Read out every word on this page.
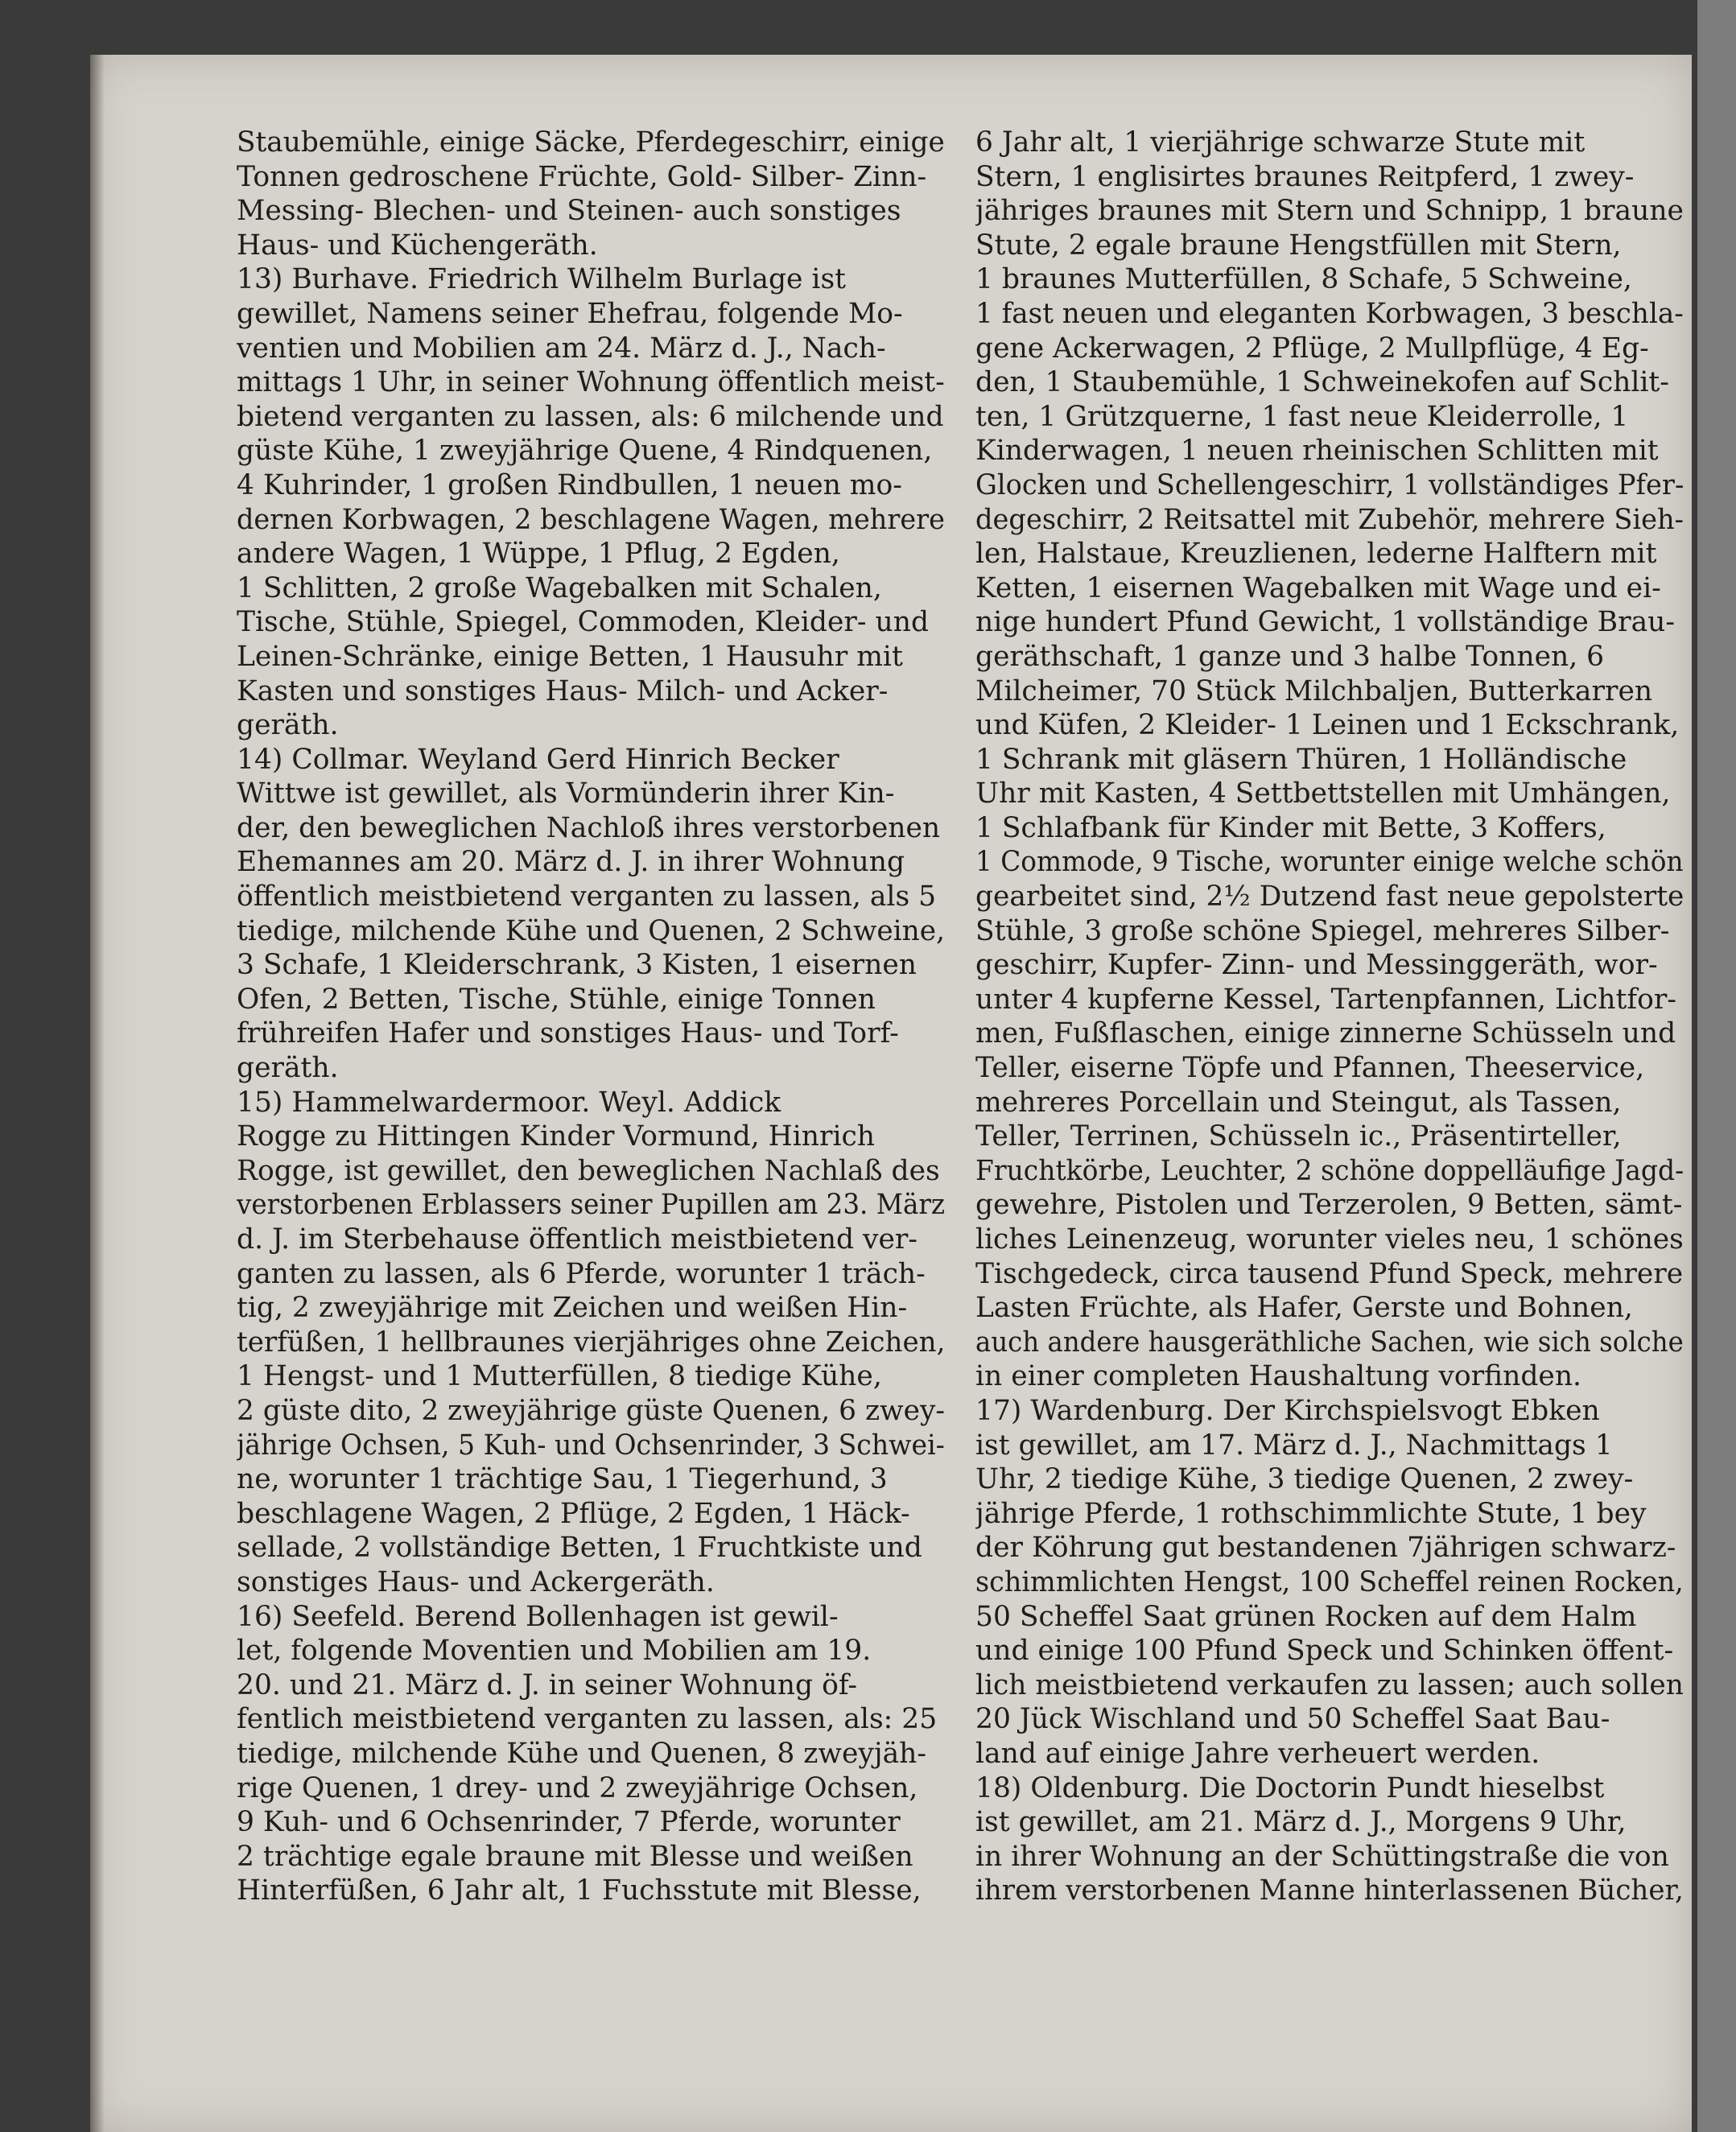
Staubemühle, einige Säcke, Pferdegeschirr, einige
Tonnen gedroschene Früchte, Gold- Silber- Zinn-
Messing- Blechen- und Steinen- auch sonstiges
Haus- und Küchengeräth.
13) Burhave. Friedrich Wilhelm Burlage ist
gewillet, Namens seiner Ehefrau, folgende Mo-
ventien und Mobilien am 24. März d. J., Nach-
mittags 1 Uhr, in seiner Wohnung öffentlich meist-
bietend verganten zu lassen, als: 6 milchende und
güste Kühe, 1 zweyjährige Quene, 4 Rindquenen,
4 Kuhrinder, 1 großen Rindbullen, 1 neuen mo-
dernen Korbwagen, 2 beschlagene Wagen, mehrere
andere Wagen, 1 Wüppe, 1 Pflug, 2 Egden,
1 Schlitten, 2 große Wagebalken mit Schalen,
Tische, Stühle, Spiegel, Commoden, Kleider- und
Leinen-Schränke, einige Betten, 1 Hausuhr mit
Kasten und sonstiges Haus- Milch- und Acker-
geräth.
14) Collmar. Weyland Gerd Hinrich Becker
Wittwe ist gewillet, als Vormünderin ihrer Kin-
der, den beweglichen Nachloß ihres verstorbenen
Ehemannes am 20. März d. J. in ihrer Wohnung
öffentlich meistbietend verganten zu lassen, als 5
tiedige, milchende Kühe und Quenen, 2 Schweine,
3 Schafe, 1 Kleiderschrank, 3 Kisten, 1 eisernen
Ofen, 2 Betten, Tische, Stühle, einige Tonnen
frühreifen Hafer und sonstiges Haus- und Torf-
geräth.
15) Hammelwardermoor. Weyl. Addick
Rogge zu Hittingen Kinder Vormund, Hinrich
Rogge, ist gewillet, den beweglichen Nachlaß des
verstorbenen Erblassers seiner Pupillen am 23. März
d. J. im Sterbehause öffentlich meistbietend ver-
ganten zu lassen, als 6 Pferde, worunter 1 träch-
tig, 2 zweyjährige mit Zeichen und weißen Hin-
terfüßen, 1 hellbraunes vierjähriges ohne Zeichen,
1 Hengst- und 1 Mutterfüllen, 8 tiedige Kühe,
2 güste dito, 2 zweyjährige güste Quenen, 6 zwey-
jährige Ochsen, 5 Kuh- und Ochsenrinder, 3 Schwei-
ne, worunter 1 trächtige Sau, 1 Tiegerhund, 3
beschlagene Wagen, 2 Pflüge, 2 Egden, 1 Häck-
sellade, 2 vollständige Betten, 1 Fruchtkiste und
sonstiges Haus- und Ackergeräth.
16) Seefeld. Berend Bollenhagen ist gewil-
let, folgende Moventien und Mobilien am 19.
20. und 21. März d. J. in seiner Wohnung öf-
fentlich meistbietend verganten zu lassen, als: 25
tiedige, milchende Kühe und Quenen, 8 zweyjäh-
rige Quenen, 1 drey- und 2 zweyjährige Ochsen,
9 Kuh- und 6 Ochsenrinder, 7 Pferde, worunter
2 trächtige egale braune mit Blesse und weißen
Hinterfüßen, 6 Jahr alt, 1 Fuchsstute mit Blesse,
6 Jahr alt, 1 vierjährige schwarze Stute mit
Stern, 1 englisirtes braunes Reitpferd, 1 zwey-
jähriges braunes mit Stern und Schnipp, 1 braune
Stute, 2 egale braune Hengstfüllen mit Stern,
1 braunes Mutterfüllen, 8 Schafe, 5 Schweine,
1 fast neuen und eleganten Korbwagen, 3 beschla-
gene Ackerwagen, 2 Pflüge, 2 Mullpflüge, 4 Eg-
den, 1 Staubemühle, 1 Schweinekofen auf Schlit-
ten, 1 Grützquerne, 1 fast neue Kleiderrolle, 1
Kinderwagen, 1 neuen rheinischen Schlitten mit
Glocken und Schellengeschirr, 1 vollständiges Pfer-
degeschirr, 2 Reitsattel mit Zubehör, mehrere Sieh-
len, Halstaue, Kreuzlienen, lederne Halftern mit
Ketten, 1 eisernen Wagebalken mit Wage und ei-
nige hundert Pfund Gewicht, 1 vollständige Brau-
geräthschaft, 1 ganze und 3 halbe Tonnen, 6
Milcheimer, 70 Stück Milchbaljen, Butterkarren
und Küfen, 2 Kleider- 1 Leinen und 1 Eckschrank,
1 Schrank mit gläsern Thüren, 1 Holländische
Uhr mit Kasten, 4 Settbettstellen mit Umhängen,
1 Schlafbank für Kinder mit Bette, 3 Koffers,
1 Commode, 9 Tische, worunter einige welche schön
gearbeitet sind, 2½ Dutzend fast neue gepolsterte
Stühle, 3 große schöne Spiegel, mehreres Silber-
geschirr, Kupfer- Zinn- und Messinggeräth, wor-
unter 4 kupferne Kessel, Tartenpfannen, Lichtfor-
men, Fußflaschen, einige zinnerne Schüsseln und
Teller, eiserne Töpfe und Pfannen, Theeservice,
mehreres Porcellain und Steingut, als Tassen,
Teller, Terrinen, Schüsseln ic., Präsentirteller,
Fruchtkörbe, Leuchter, 2 schöne doppelläufige Jagd-
gewehre, Pistolen und Terzerolen, 9 Betten, sämt-
liches Leinenzeug, worunter vieles neu, 1 schönes
Tischgedeck, circa tausend Pfund Speck, mehrere
Lasten Früchte, als Hafer, Gerste und Bohnen,
auch andere hausgeräthliche Sachen, wie sich solche
in einer completen Haushaltung vorfinden.
17) Wardenburg. Der Kirchspielsvogt Ebken
ist gewillet, am 17. März d. J., Nachmittags 1
Uhr, 2 tiedige Kühe, 3 tiedige Quenen, 2 zwey-
jährige Pferde, 1 rothschimmlichte Stute, 1 bey
der Köhrung gut bestandenen 7jährigen schwarz-
schimmlichten Hengst, 100 Scheffel reinen Rocken,
50 Scheffel Saat grünen Rocken auf dem Halm
und einige 100 Pfund Speck und Schinken öffent-
lich meistbietend verkaufen zu lassen; auch sollen
20 Jück Wischland und 50 Scheffel Saat Bau-
land auf einige Jahre verheuert werden.
18) Oldenburg. Die Doctorin Pundt hieselbst
ist gewillet, am 21. März d. J., Morgens 9 Uhr,
in ihrer Wohnung an der Schüttingstraße die von
ihrem verstorbenen Manne hinterlassenen Bücher,
